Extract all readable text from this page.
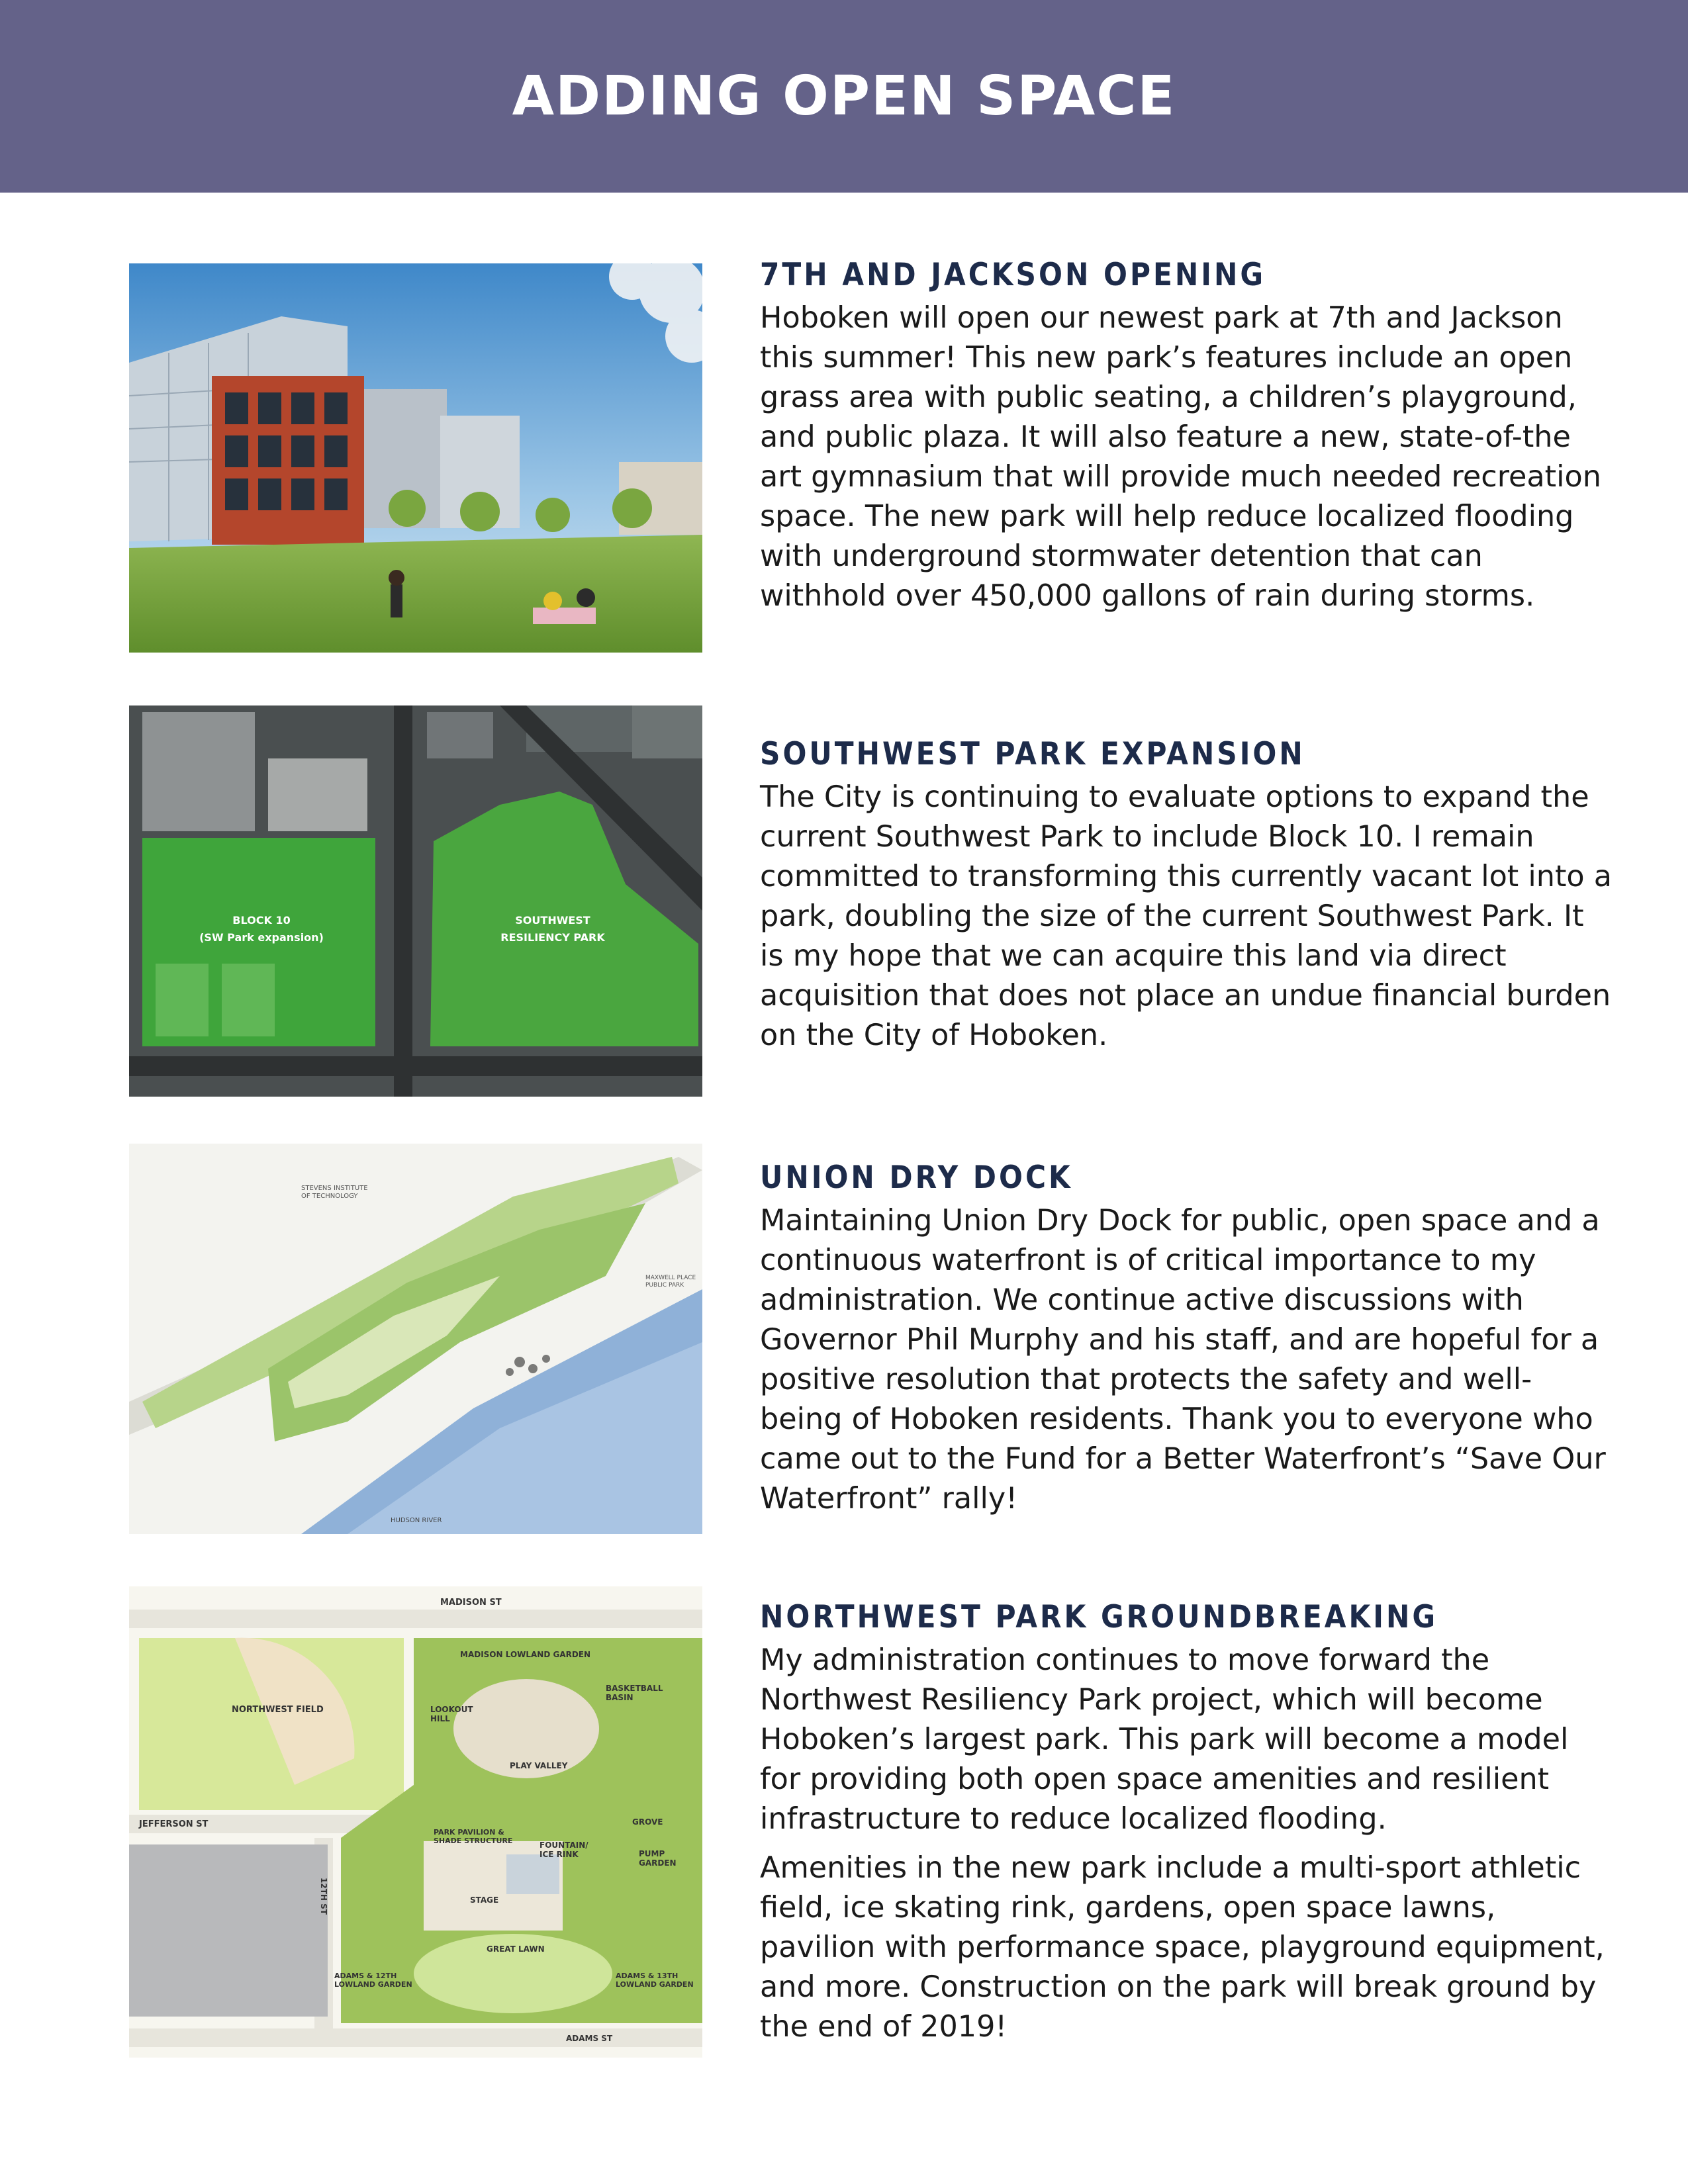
ADDING OPEN SPACE
7TH AND JACKSON OPENING

Hoboken will open our newest park at 7th and Jackson this summer! This new park’s features include an open grass area with public seating, a children’s playground, and public plaza. It will also feature a new, state-of-the art gymnasium that will provide much needed recreation space. The new park will help reduce localized flooding with underground stormwater detention that can withhold over 450,000 gallons of rain during storms.

BLOCK 10
(SW Park expansion)
SOUTHWEST
RESILIENCY PARK
SOUTHWEST PARK EXPANSION

The City is continuing to evaluate options to expand the current Southwest Park to include Block 10. I remain committed to transforming this currently vacant lot into a park, doubling the size of the current Southwest Park. It is my hope that we can acquire this land via direct acquisition that does not place an undue financial burden on the City of Hoboken.

STEVENS INSTITUTE
OF TECHNOLOGY
MAXWELL PLACE
PUBLIC PARK
HUDSON RIVER
UNION DRY DOCK

Maintaining Union Dry Dock for public, open space and a continuous waterfront is of critical importance to my administration. We continue active discussions with Governor Phil Murphy and his staff, and are hopeful for a positive resolution that protects the safety and well-being of Hoboken residents. Thank you to everyone who came out to the Fund for a Better Waterfront’s “Save Our Waterfront” rally!

MADISON ST
MADISON LOWLAND GARDEN
BASKETBALL
BASIN
NORTHWEST FIELD	LOOKOUT
HILL
PLAY VALLEY
JEFFERSON ST	GROVE
PARK PAVILION &
SHADE STRUCTURE	FOUNTAIN/
ICE RINK	PUMP
GARDEN
12TH ST	STAGE
GREAT LAWN
ADAMS & 12TH
LOWLAND GARDEN
ADAMS & 13TH
LOWLAND GARDEN
ADAMS ST
NORTHWEST PARK GROUNDBREAKING

My administration continues to move forward the Northwest Resiliency Park project, which will become Hoboken’s largest park. This park will become a model for providing both open space amenities and resilient infrastructure to reduce localized flooding.

Amenities in the new park include a multi-sport athletic field, ice skating rink, gardens, open space lawns, pavilion with performance space, playground equipment, and more. Construction on the park will break ground by the end of 2019!
